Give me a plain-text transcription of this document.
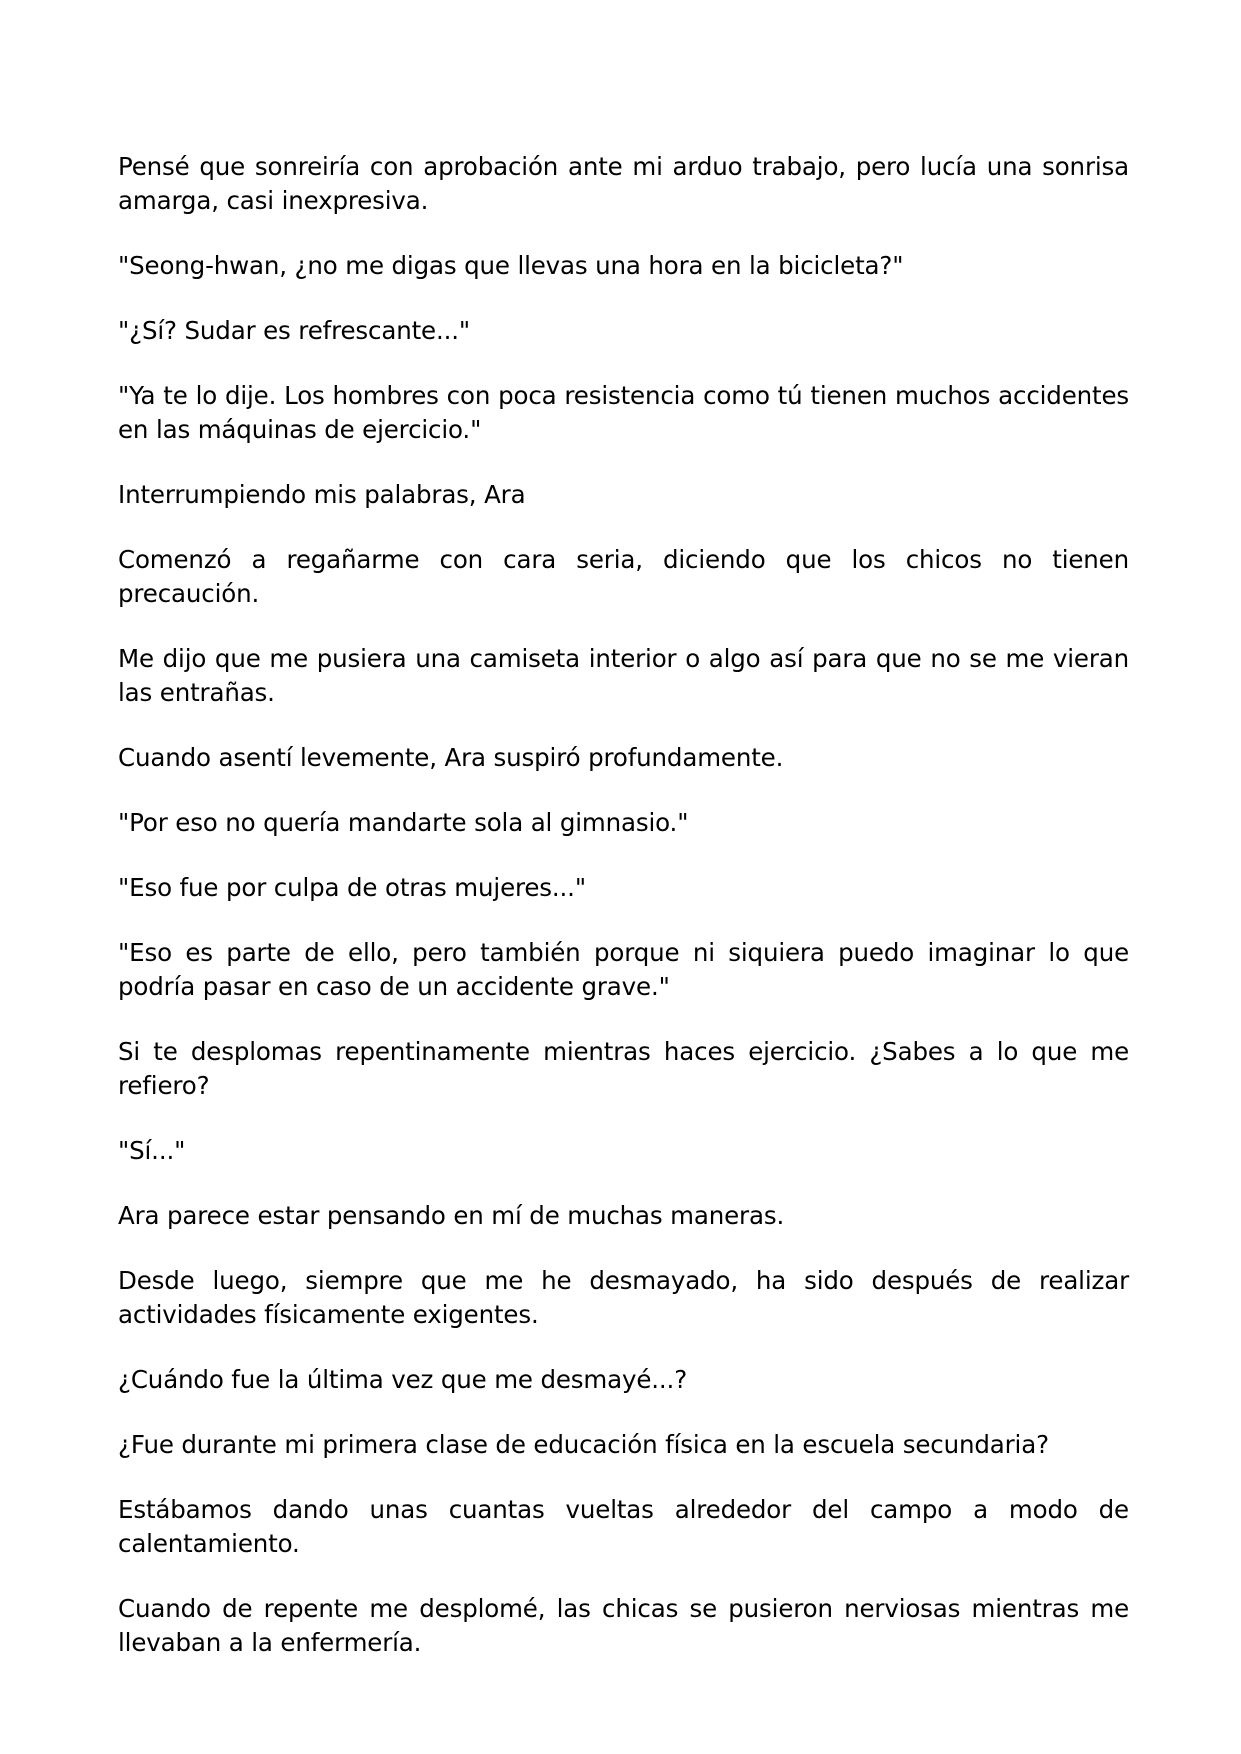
Pensé que sonreiría con aprobación ante mi arduo trabajo, pero lucía una sonrisa amarga, casi inexpresiva.

"Seong-hwan, ¿no me digas que llevas una hora en la bicicleta?"

"¿Sí? Sudar es refrescante..."

"Ya te lo dije. Los hombres con poca resistencia como tú tienen muchos accidentes en las máquinas de ejercicio."

Interrumpiendo mis palabras, Ara

Comenzó a regañarme con cara seria, diciendo que los chicos no tienen precaución.

Me dijo que me pusiera una camiseta interior o algo así para que no se me vieran las entrañas.

Cuando asentí levemente, Ara suspiró profundamente.

"Por eso no quería mandarte sola al gimnasio."

"Eso fue por culpa de otras mujeres..."

"Eso es parte de ello, pero también porque ni siquiera puedo imaginar lo que podría pasar en caso de un accidente grave."

Si te desplomas repentinamente mientras haces ejercicio. ¿Sabes a lo que me refiero?

"Sí..."

Ara parece estar pensando en mí de muchas maneras.

Desde luego, siempre que me he desmayado, ha sido después de realizar actividades físicamente exigentes.

¿Cuándo fue la última vez que me desmayé...?

¿Fue durante mi primera clase de educación física en la escuela secundaria?

Estábamos dando unas cuantas vueltas alrededor del campo a modo de calentamiento.

Cuando de repente me desplomé, las chicas se pusieron nerviosas mientras me llevaban a la enfermería.
